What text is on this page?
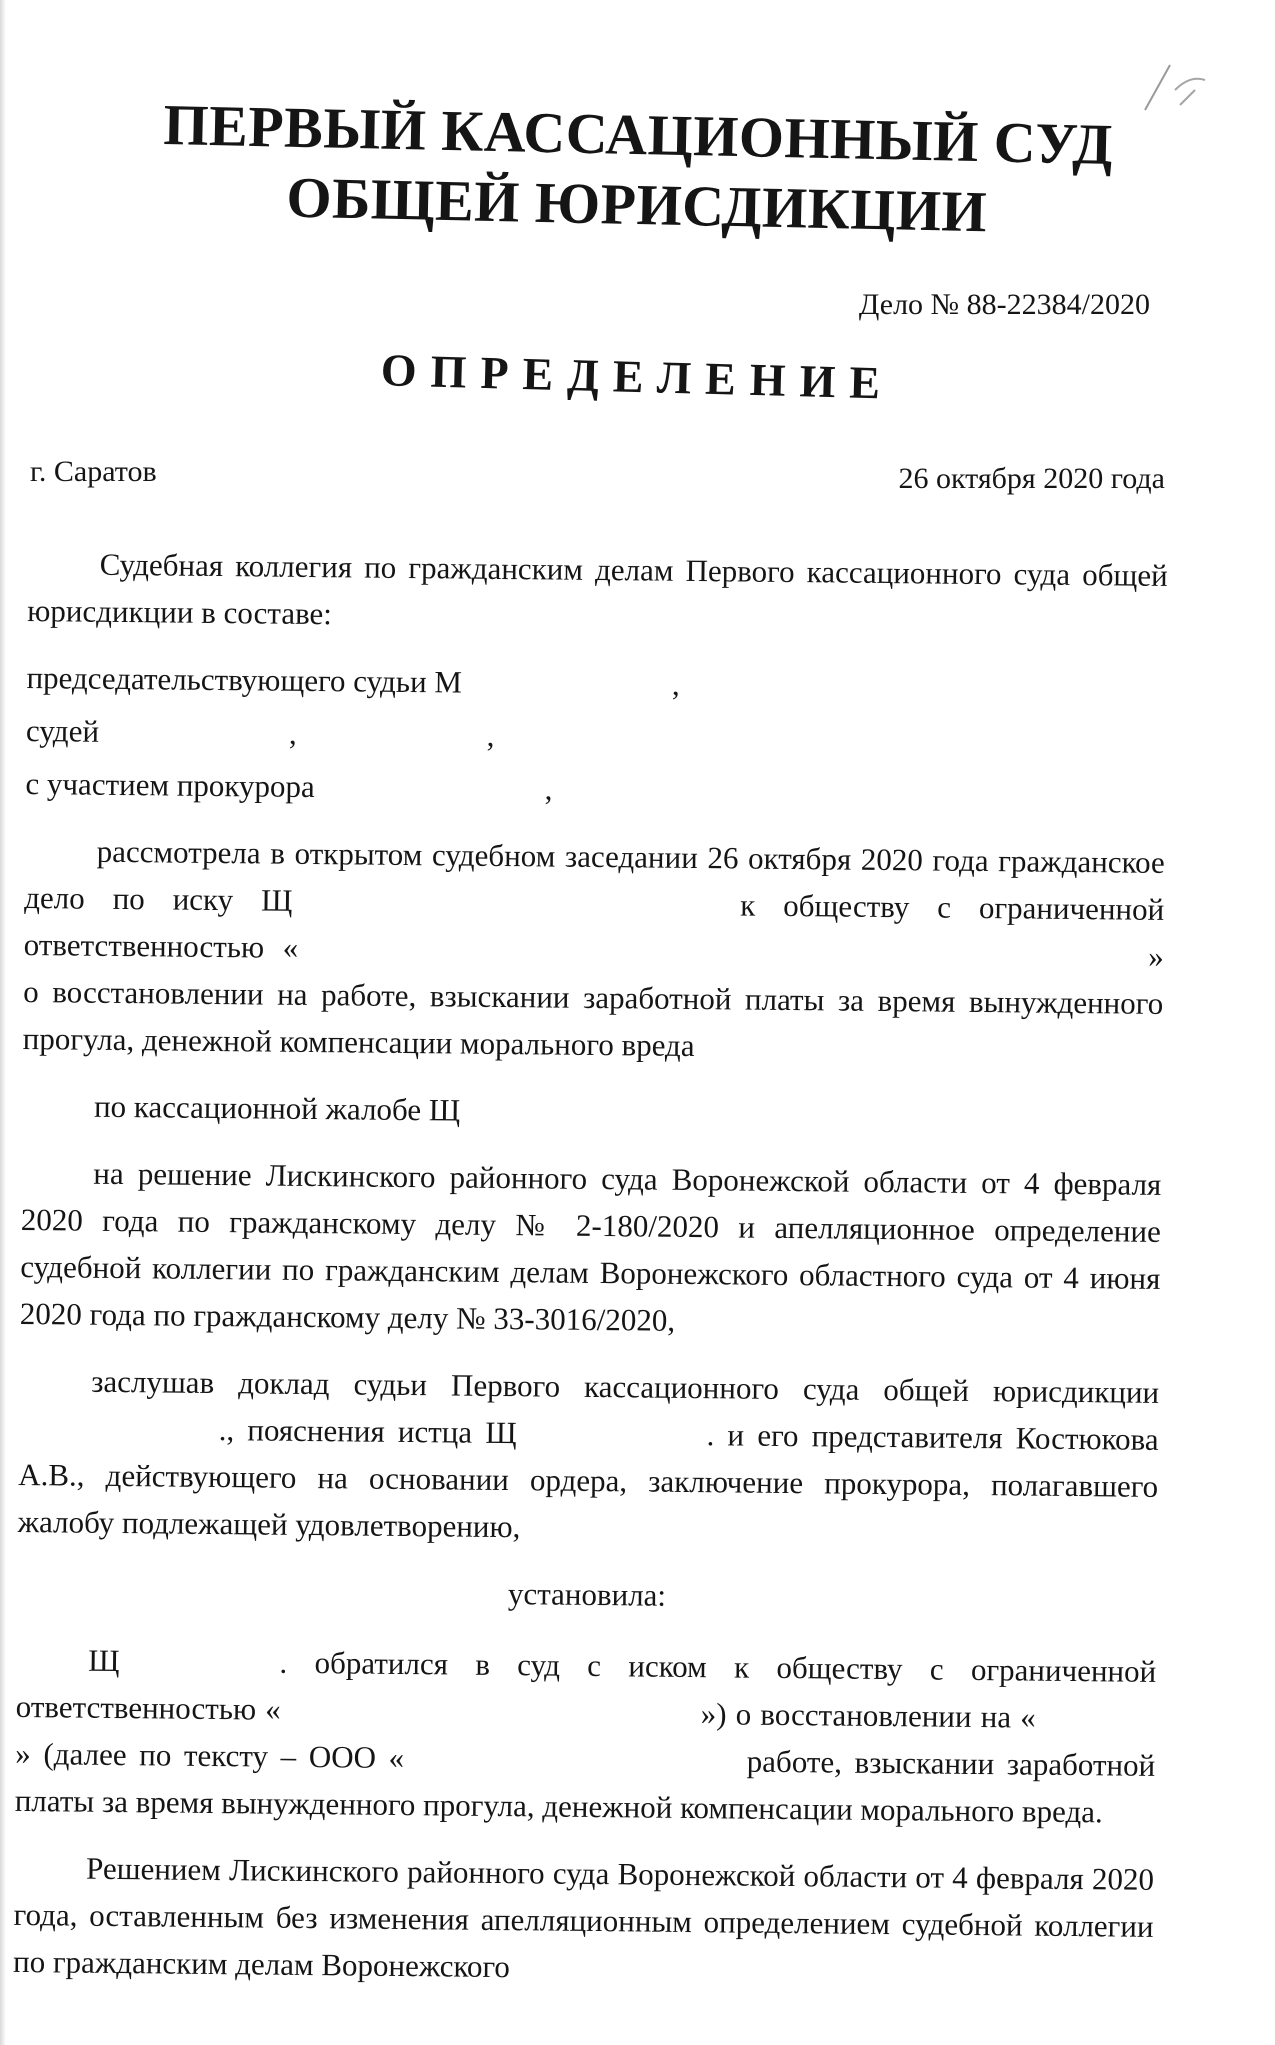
ПЕРВЫЙ КАССАЦИОННЫЙ СУД
ОБЩЕЙ ЮРИСДИКЦИИ
Дело № 88-22384/2020
ОПРЕДЕЛЕНИЕ
г. Саратов	26 октября 2020 года

Судебная коллегия по гражданским делам Первого кассационного суда общей юрисдикции в составе:

председательствующего судьи М	,

судей	,	,

с участием прокурора	,

рассмотрела в открытом судебном заседании 26 октября 2020 года гражданское дело по иску Щ	к обществу с ограниченной ответственностью «	» о восстановлении на работе, взыскании заработной платы за время вынужденного прогула, денежной компенсации морального вреда

по кассационной жалобе Щ

на решение Лискинского районного суда Воронежской области от 4 февраля 2020 года по гражданскому делу № 2-180/2020 и апелляционное определение судебной коллегии по гражданским делам Воронежского областного суда от 4 июня 2020 года по гражданскому делу № 33-3016/2020,

заслушав доклад судьи Первого кассационного суда общей юрисдикции ., пояснения истца Щ	. и его представителя Костюкова А.В., действующего на основании ордера, заключение прокурора, полагавшего жалобу подлежащей удовлетворению,

установила:

Щ	. обратился в суд с иском к обществу с ограниченной ответственностью «	») о восстановлении на «» (далее по тексту – ООО «	работе, взыскании заработной платы за время вынужденного прогула, денежной компенсации морального вреда.

Решением Лискинского районного суда Воронежской области от 4 февраля 2020 года, оставленным без изменения апелляционным определением судебной коллегии по гражданским делам Воронежского
